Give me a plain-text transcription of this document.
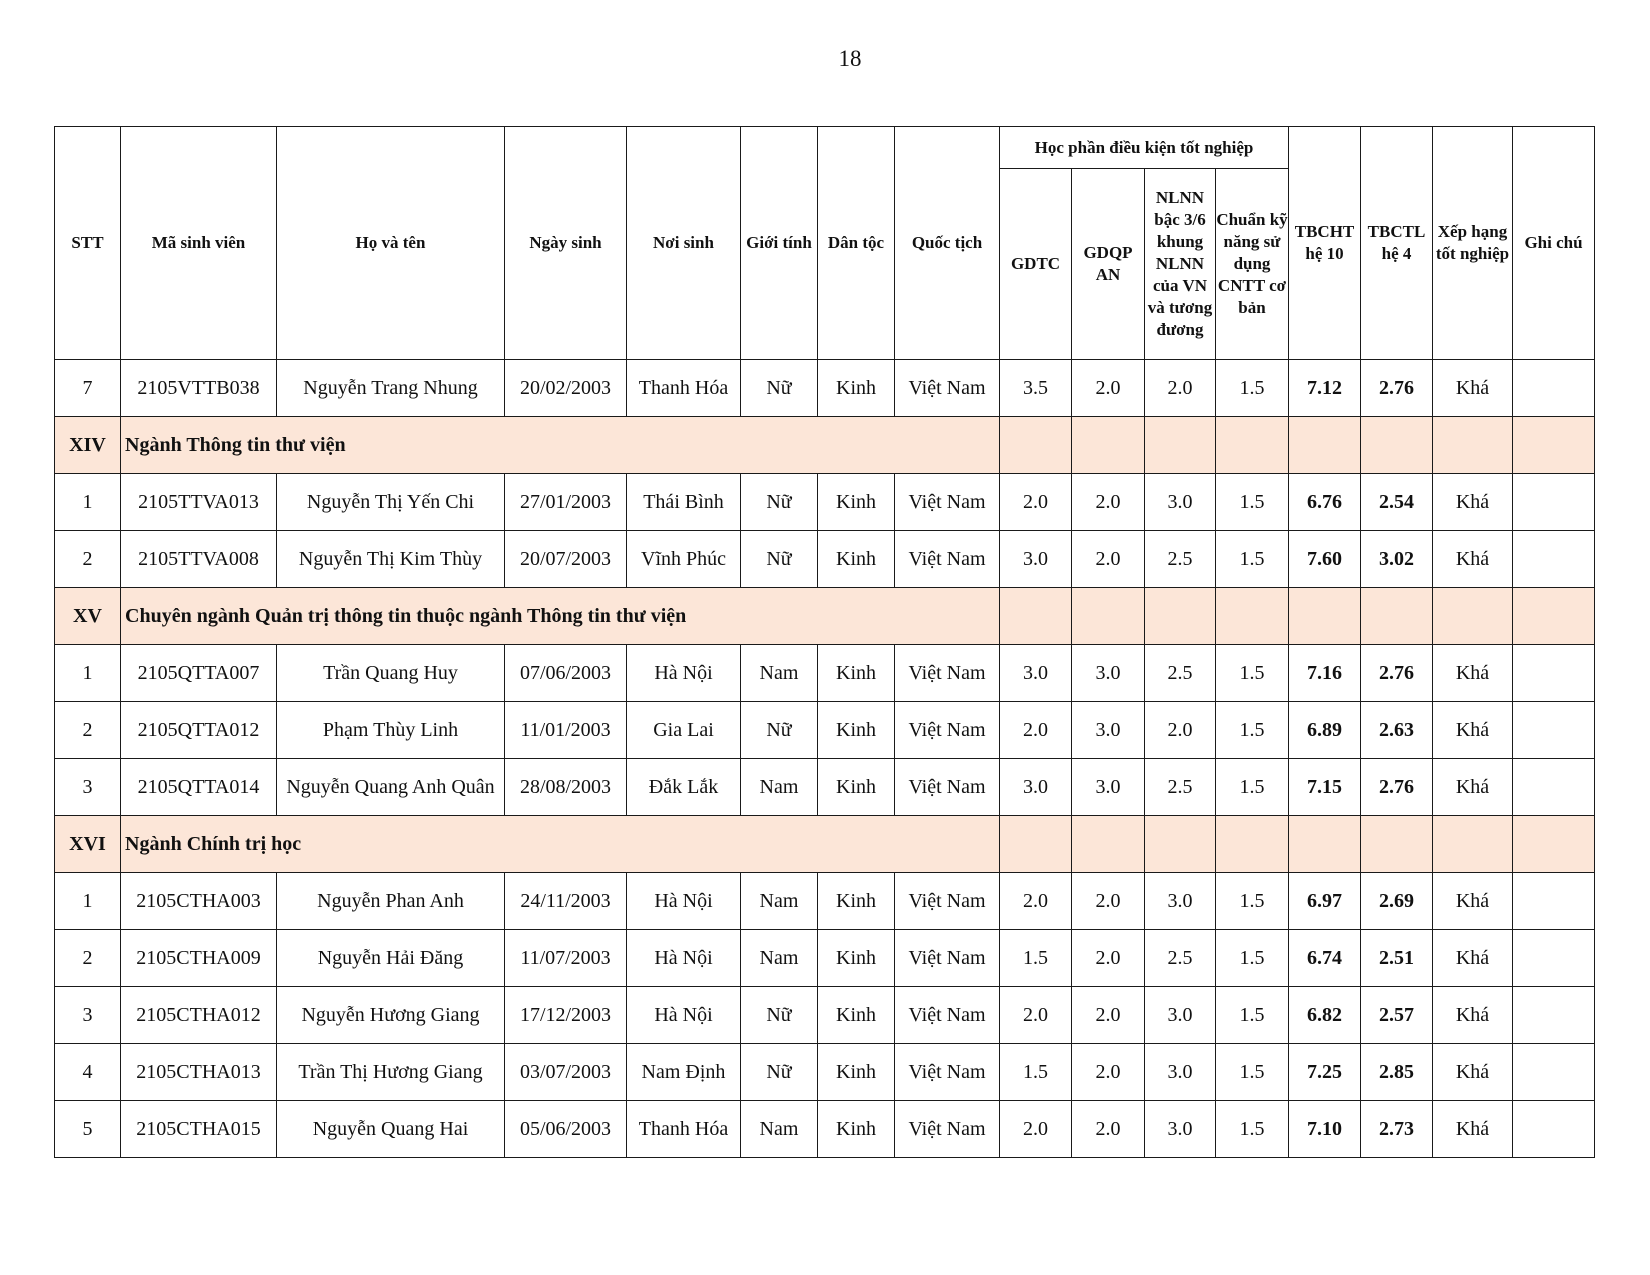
18
STT	Mã sinh viên	Họ và tên	Ngày sinh	Nơi sinh	Giới tính	Dân tộc	Quốc tịch	Học phần điều kiện tốt nghiệp				TBCHT hệ 10	TBCTL hệ 4	Xếp hạng tốt nghiệp	Ghi chú
								GDTC	GDQP AN	NLNN bậc 3/6 khung NLNN của VN và tương đương	Chuẩn kỹ năng sử dụng CNTT cơ bản				
7	2105VTTB038	Nguyễn Trang Nhung	20/02/2003	Thanh Hóa	Nữ	Kinh	Việt Nam	3.5	2.0	2.0	1.5	7.12	2.76	Khá	
XIV	Ngành Thông tin thư viện														
1	2105TTVA013	Nguyễn Thị Yến Chi	27/01/2003	Thái Bình	Nữ	Kinh	Việt Nam	2.0	2.0	3.0	1.5	6.76	2.54	Khá	
2	2105TTVA008	Nguyễn Thị Kim Thùy	20/07/2003	Vĩnh Phúc	Nữ	Kinh	Việt Nam	3.0	2.0	2.5	1.5	7.60	3.02	Khá	
XV	Chuyên ngành Quản trị thông tin thuộc ngành Thông tin thư viện														
1	2105QTTA007	Trần Quang Huy	07/06/2003	Hà Nội	Nam	Kinh	Việt Nam	3.0	3.0	2.5	1.5	7.16	2.76	Khá	
2	2105QTTA012	Phạm Thùy Linh	11/01/2003	Gia Lai	Nữ	Kinh	Việt Nam	2.0	3.0	2.0	1.5	6.89	2.63	Khá	
3	2105QTTA014	Nguyễn Quang Anh Quân	28/08/2003	Đắk Lắk	Nam	Kinh	Việt Nam	3.0	3.0	2.5	1.5	7.15	2.76	Khá	
XVI	Ngành Chính trị học														
1	2105CTHA003	Nguyễn Phan Anh	24/11/2003	Hà Nội	Nam	Kinh	Việt Nam	2.0	2.0	3.0	1.5	6.97	2.69	Khá	
2	2105CTHA009	Nguyễn Hải Đăng	11/07/2003	Hà Nội	Nam	Kinh	Việt Nam	1.5	2.0	2.5	1.5	6.74	2.51	Khá	
3	2105CTHA012	Nguyễn Hương Giang	17/12/2003	Hà Nội	Nữ	Kinh	Việt Nam	2.0	2.0	3.0	1.5	6.82	2.57	Khá	
4	2105CTHA013	Trần Thị Hương Giang	03/07/2003	Nam Định	Nữ	Kinh	Việt Nam	1.5	2.0	3.0	1.5	7.25	2.85	Khá	
5	2105CTHA015	Nguyễn Quang Hai	05/06/2003	Thanh Hóa	Nam	Kinh	Việt Nam	2.0	2.0	3.0	1.5	7.10	2.73	Khá	
